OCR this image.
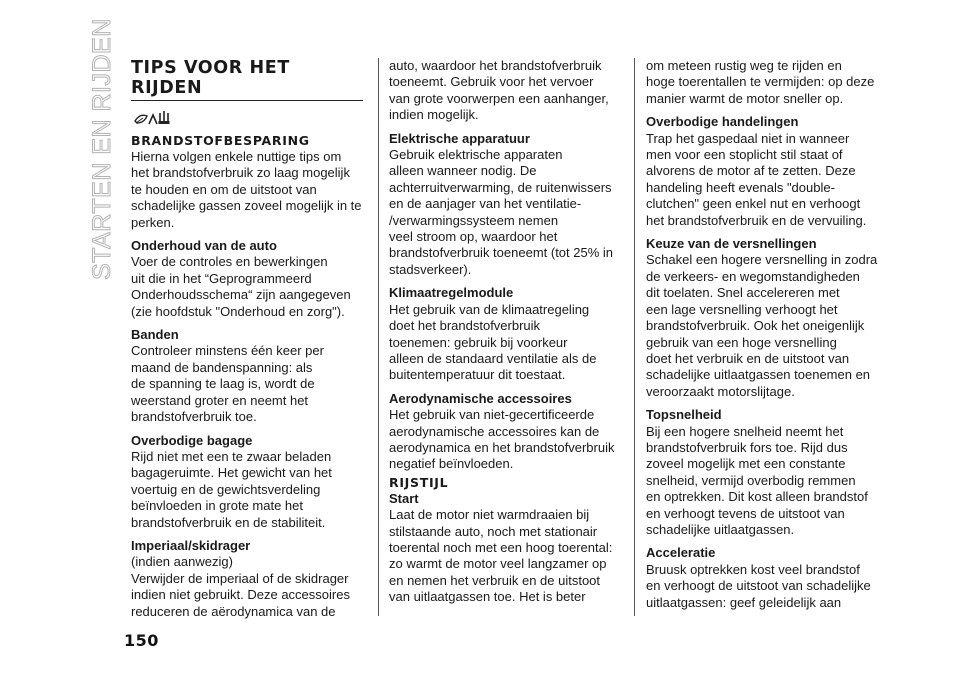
STARTEN EN RIJDEN TIPS VOOR HET RIJDEN
BRANDSTOFBESPARING

Hierna volgen enkele nuttige tips om
het brandstofverbruik zo laag mogelijk
te houden en om de uitstoot van
schadelijke gassen zoveel mogelijk in te
perken.

Onderhoud van de auto

Voer de controles en bewerkingen
uit die in het “Geprogrammeerd
Onderhoudsschema“ zijn aangegeven
(zie hoofdstuk "Onderhoud en zorg").

Banden

Controleer minstens één keer per
maand de bandenspanning: als
de spanning te laag is, wordt de
weerstand groter en neemt het
brandstofverbruik toe.

Overbodige bagage

Rijd niet met een te zwaar beladen
bagageruimte. Het gewicht van het
voertuig en de gewichtsverdeling
beïnvloeden in grote mate het
brandstofverbruik en de stabiliteit.

Imperiaal/skidrager

(indien aanwezig)

Verwijder de imperiaal of de skidrager
indien niet gebruikt. Deze accessoires
reduceren de aërodynamica van de

auto, waardoor het brandstofverbruik
toeneemt. Gebruik voor het vervoer
van grote voorwerpen een aanhanger,
indien mogelijk.

Elektrische apparatuur

Gebruik elektrische apparaten
alleen wanneer nodig. De
achterruitverwarming, de ruitenwissers
en de aanjager van het ventilatie-
/verwarmingssysteem nemen
veel stroom op, waardoor het
brandstofverbruik toeneemt (tot 25% in
stadsverkeer).

Klimaatregelmodule

Het gebruik van de klimaatregeling
doet het brandstofverbruik
toenemen: gebruik bij voorkeur
alleen de standaard ventilatie als de
buitentemperatuur dit toestaat.

Aerodynamische accessoires

Het gebruik van niet-gecertificeerde
aerodynamische accessoires kan de
aerodynamica en het brandstofverbruik
negatief beïnvloeden.

RIJSTIJL
Start

Laat de motor niet warmdraaien bij
stilstaande auto, noch met stationair
toerental noch met een hoog toerental:
zo warmt de motor veel langzamer op
en nemen het verbruik en de uitstoot
van uitlaatgassen toe. Het is beter

om meteen rustig weg te rijden en
hoge toerentallen te vermijden: op deze
manier warmt de motor sneller op.

Overbodige handelingen

Trap het gaspedaal niet in wanneer
men voor een stoplicht stil staat of
alvorens de motor af te zetten. Deze
handeling heeft evenals "double-
clutchen" geen enkel nut en verhoogt
het brandstofverbruik en de vervuiling.

Keuze van de versnellingen

Schakel een hogere versnelling in zodra
de verkeers- en wegomstandigheden
dit toelaten. Snel accelereren met
een lage versnelling verhoogt het
brandstofverbruik. Ook het oneigenlijk
gebruik van een hoge versnelling
doet het verbruik en de uitstoot van
schadelijke uitlaatgassen toenemen en
veroorzaakt motorslijtage.

Topsnelheid

Bij een hogere snelheid neemt het
brandstofverbruik fors toe. Rijd dus
zoveel mogelijk met een constante
snelheid, vermijd overbodig remmen
en optrekken. Dit kost alleen brandstof
en verhoogt tevens de uitstoot van
schadelijke uitlaatgassen.

Acceleratie

Bruusk optrekken kost veel brandstof
en verhoogt de uitstoot van schadelijke
uitlaatgassen: geef geleidelijk aan

150
